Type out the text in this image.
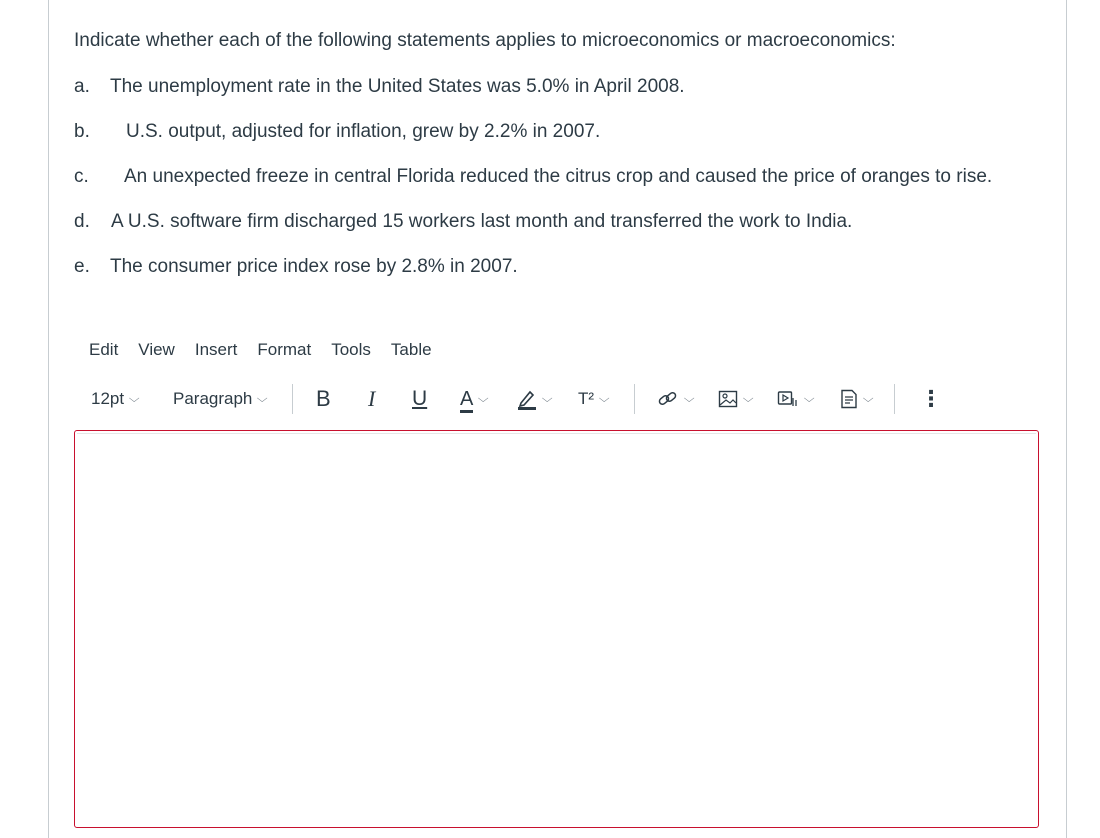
Indicate whether each of the following statements applies to microeconomics or macroeconomics:
a. The unemployment rate in the United States was 5.0% in April 2008.
b. U.S. output, adjusted for inflation, grew by 2.2% in 2007.
c. An unexpected freeze in central Florida reduced the citrus crop and caused the price of oranges to rise.
d. A U.S. software firm discharged 15 workers last month and transferred the work to India.
e. The consumer price index rose by 2.8% in 2007.
Edit View Insert Format Tools Table
12pt ⌵ Paragraph ⌵ B I U A ⌵	⌵ T² ⌵	⌵	⌵	⌵	⌵ ⋮
